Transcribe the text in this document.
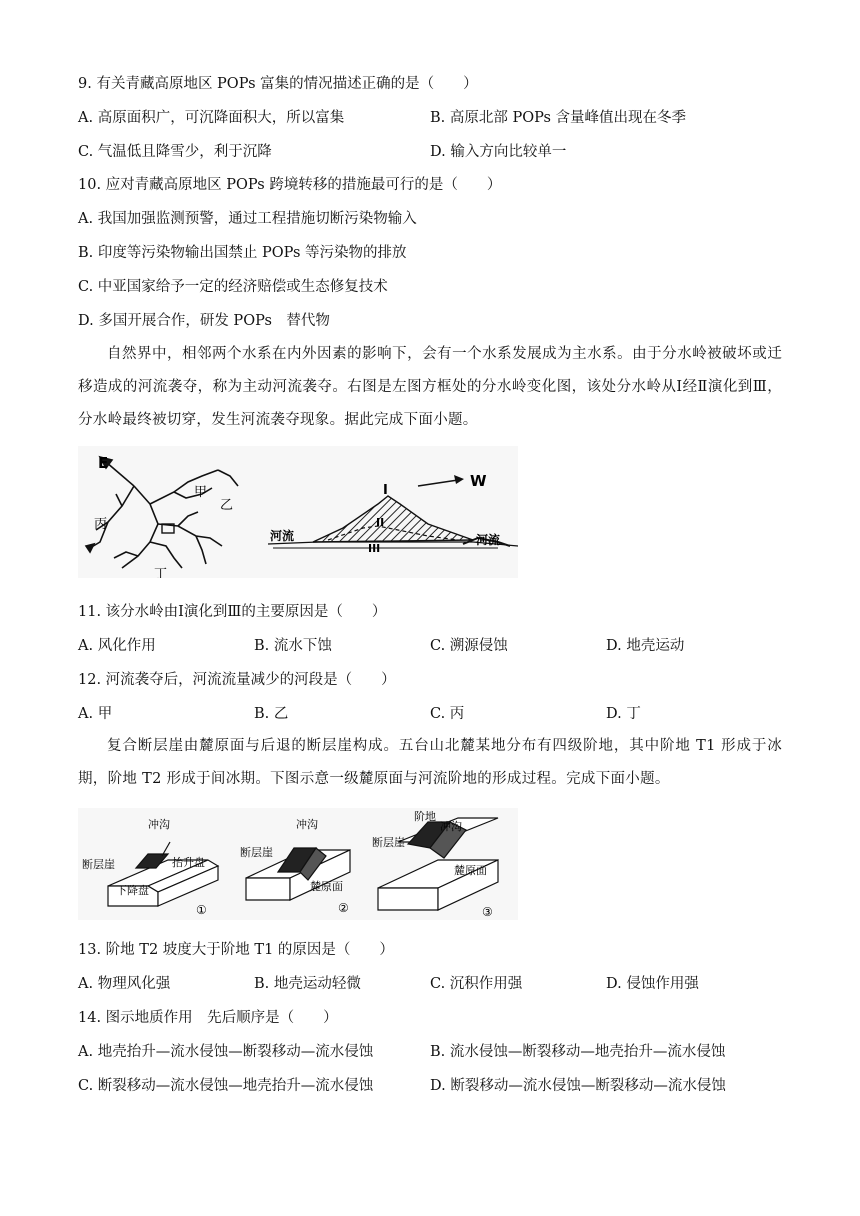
9. 有关青藏高原地区 POPs 富集的情况描述正确的是（　　）
A. 高原面积广，可沉降面积大，所以富集	B. 高原北部 POPs 含量峰值出现在冬季
C. 气温低且降雪少，利于沉降	D. 输入方向比较单一
10. 应对青藏高原地区 POPs 跨境转移的措施最可行的是（　　）
A. 我国加强监测预警，通过工程措施切断污染物输入
B. 印度等污染物输出国禁止 POPs 等污染物的排放
C. 中亚国家给予一定的经济赔偿或生态修复技术
D. 多国开展合作，研发 POPs　替代物
自然界中，相邻两个水系在内外因素的影响下，会有一个水系发展成为主水系。由于分水岭被破坏或迁移造成的河流袭夺，称为主动河流袭夺。右图是左图方框处的分水岭变化图，该处分水岭从Ⅰ经Ⅱ演化到Ⅲ，分水岭最终被切穿，发生河流袭夺现象。据此完成下面小题。
E
甲
乙
丙
丁
W
河流	河流
I
II
III
11. 该分水岭由Ⅰ演化到Ⅲ的主要原因是（　　）
A. 风化作用	B. 流水下蚀	C. 溯源侵蚀	D. 地壳运动
12. 河流袭夺后，河流流量减少的河段是（　　）
A. 甲	B. 乙	C. 丙	D. 丁
复合断层崖由麓原面与后退的断层崖构成。五台山北麓某地分布有四级阶地，其中阶地 T1 形成于冰期，阶地 T2 形成于间冰期。下图示意一级麓原面与河流阶地的形成过程。完成下面小题。
冲沟
断层崖	抬升盘
下降盘
①
冲沟
断层崖
麓原面
②
阶地
冲沟
断层崖
麓原面
③
13. 阶地 T2 坡度大于阶地 T1 的原因是（　　）
A. 物理风化强	B. 地壳运动轻微	C. 沉积作用强	D. 侵蚀作用强
14. 图示地质作用　先后顺序是（　　）
A. 地壳抬升—流水侵蚀—断裂移动—流水侵蚀	B. 流水侵蚀—断裂移动—地壳抬升—流水侵蚀
C. 断裂移动—流水侵蚀—地壳抬升—流水侵蚀	D. 断裂移动—流水侵蚀—断裂移动—流水侵蚀
